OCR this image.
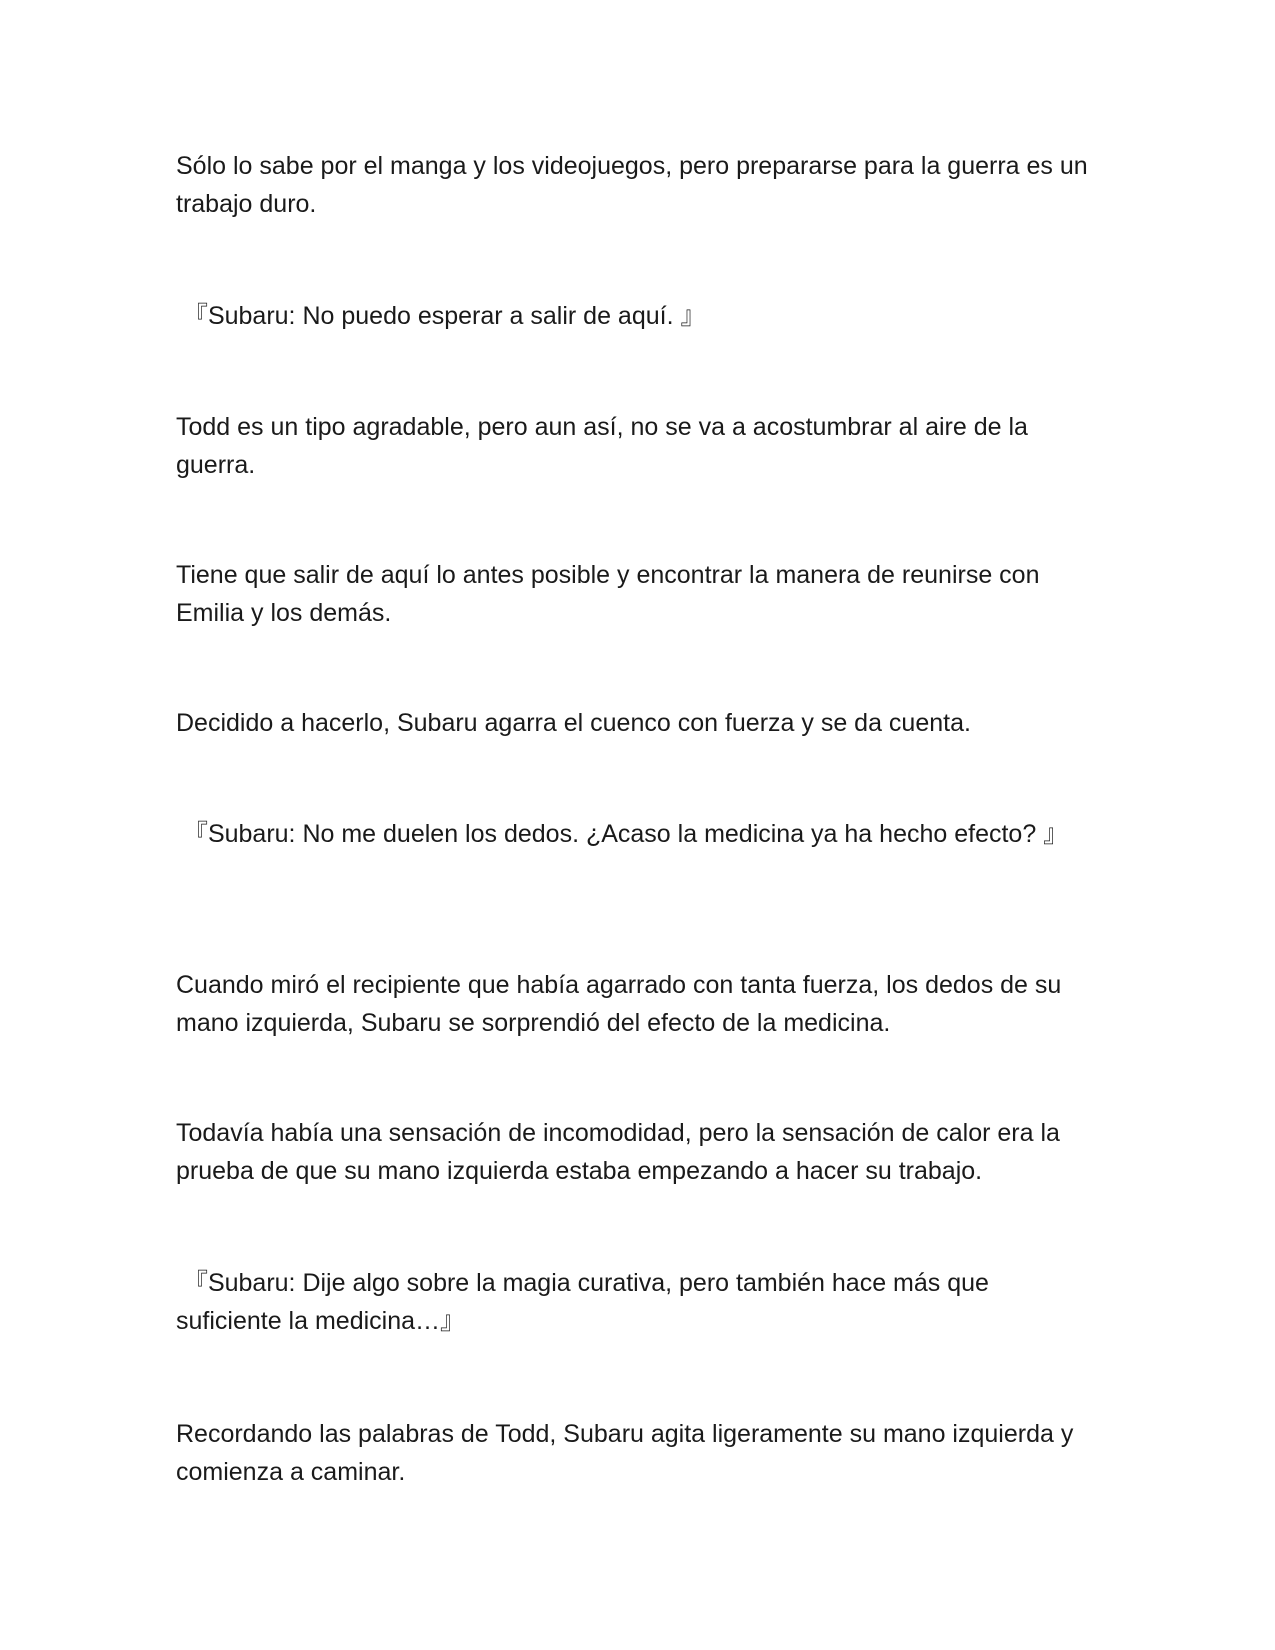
Sólo lo sabe por el manga y los videojuegos, pero prepararse para la guerra es un trabajo duro.

『Subaru: No puedo esperar a salir de aquí. 』

Todd es un tipo agradable, pero aun así, no se va a acostumbrar al aire de la guerra.

Tiene que salir de aquí lo antes posible y encontrar la manera de reunirse con Emilia y los demás.

Decidido a hacerlo, Subaru agarra el cuenco con fuerza y se da cuenta.

『Subaru: No me duelen los dedos. ¿Acaso la medicina ya ha hecho efecto? 』

Cuando miró el recipiente que había agarrado con tanta fuerza, los dedos de su mano izquierda, Subaru se sorprendió del efecto de la medicina.

Todavía había una sensación de incomodidad, pero la sensación de calor era la prueba de que su mano izquierda estaba empezando a hacer su trabajo.

『Subaru: Dije algo sobre la magia curativa, pero también hace más que suficiente la medicina…』

Recordando las palabras de Todd, Subaru agita ligeramente su mano izquierda y comienza a caminar.
